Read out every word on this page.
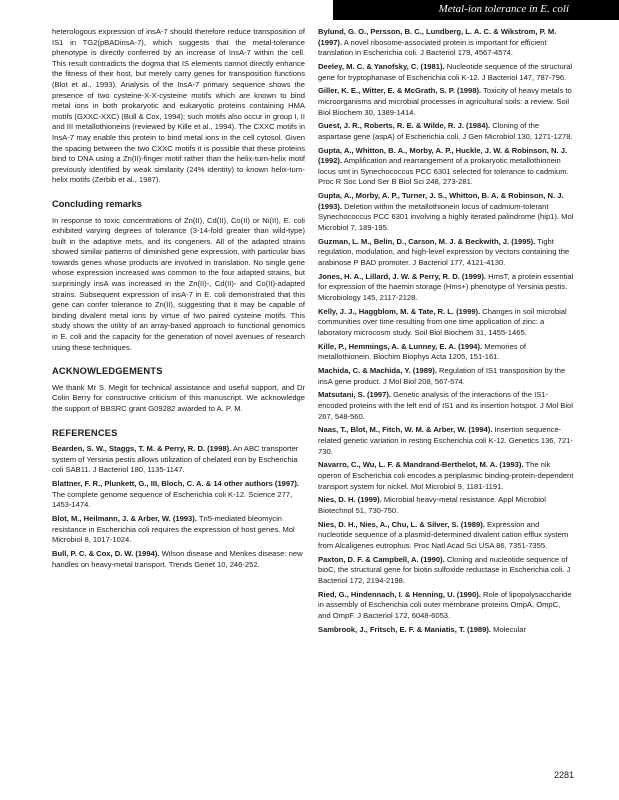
Metal-ion tolerance in E. coli

heterologous expression of insA-7 should therefore reduce transposition of IS1 in TG2(pBADinsA-7), which suggests that the metal-tolerance phenotype is directly conferred by an increase of InsA-7 within the cell. This result contradicts the dogma that IS elements cannot directly enhance the fitness of their host, but merely carry genes for transposition functions (Blot et al., 1993). Analysis of the InsA-7 primary sequence shows the presence of two cysteine-X-X-cysteine motifs which are known to bind metal ions in both prokaryotic and eukaryotic proteins containing HMA motifs (GXXC-XXC) (Bull & Cox, 1994); such motifs also occur in group I, II and III metallothioneins (reviewed by Kille et al., 1994). The CXXC motifs in InsA-7 may enable this protein to bind metal ions in the cell cytosol. Given the spacing between the two CXXC motifs it is possible that these proteins bind to DNA using a Zn(II)-finger motif rather than the helix-turn-helix motif previously identified by weak similarity (24% identity) to known helix-turn-helix motifs (Zerbib et al., 1987).

Concluding remarks

In response to toxic concentrations of Zn(II), Cd(II), Co(II) or Ni(II), E. coli exhibited varying degrees of tolerance (3-14-fold greater than wild-type) built in the adaptive mets, and its congeners. All of the adapted strains showed similar patterns of diminished gene expression, with particular bias towards genes whose products are involved in translation. No single gene whose expression increased was common to the four adapted strains, but surprisingly insA was increased in the Zn(II)-, Cd(II)- and Co(II)-adapted strains. Subsequent expression of insA-7 in E. coli demonstrated that this gene can confer tolerance to Zn(II), suggesting that it may be capable of binding divalent metal ions by virtue of two paired cysteine motifs. This study shows the utility of an array-based approach to functional genomics in E. coli and the capacity for the generation of novel avenues of research using these techniques.

ACKNOWLEDGEMENTS

We thank Mr S. Megit for technical assistance and useful support, and Dr Colin Berry for constructive criticism of this manuscript. We acknowledge the support of BBSRC grant G09282 awarded to A. P. M.

REFERENCES

Bearden, S. W., Staggs, T. M. & Perry, R. D. (1998). An ABC transporter system of Yersinia pestis allows utilization of chelated iron by Escherichia coli SAB11. J Bacteriol 180, 1135-1147.

Blattner, F. R., Plunkett, G., III, Bloch, C. A. & 14 other authors (1997). The complete genome sequence of Escherichia coli K-12. Science 277, 1453-1474.

Blot, M., Heilmann, J. & Arber, W. (1993). Tn5-mediated bleomycin resistance in Escherichia coli requires the expression of host genes. Mol Microbiol 8, 1017-1024.

Bull, P. C. & Cox, D. W. (1994). Wilson disease and Menkes disease: new handles on heavy-metal transport. Trends Genet 10, 246-252.

Bylund, G. O., Persson, B. C., Lundberg, L. A. C. & Wikstrom, P. M. (1997). A novel ribosome-associated protein is important for efficient translation in Escherichia coli. J Bacteriol 179, 4567-4574.

Deeley, M. C. & Yanofsky, C. (1981). Nucleotide sequence of the structural gene for tryptophanase of Escherichia coli K-12. J Bacteriol 147, 787-796.

Giller, K. E., Witter, E. & McGrath, S. P. (1998). Toxicity of heavy metals to microorganisms and microbial processes in agricultural soils: a review. Soil Biol Biochem 30, 1389-1414.

Guest, J. R., Roberts, R. E. & Wilde, R. J. (1984). Cloning of the aspartase gene (aspA) of Escherichia coli. J Gen Microbiol 130, 1271-1278.

Gupta, A., Whitton, B. A., Morby, A. P., Huckle, J. W. & Robinson, N. J. (1992). Amplification and rearrangement of a prokaryotic metallothionein locus smt in Synechococcus PCC 6301 selected for tolerance to cadmium. Proc R Soc Lond Ser B Biol Sci 248, 273-281.

Gupta, A., Morby, A. P., Turner, J. S., Whitton, B. A. & Robinson, N. J. (1993). Deletion within the metallothionein locus of cadmium-tolerant Synechococcus PCC 6301 involving a highly iterated palindrome (hip1). Mol Microbiol 7, 189-195.

Guzman, L. M., Belin, D., Carson, M. J. & Beckwith, J. (1995). Tight regulation, modulation, and high-level expression by vectors containing the arabinose P BAD promoter. J Bacteriol 177, 4121-4130.

Jones, H. A., Lillard, J. W. & Perry, R. D. (1999). HmsT, a protein essential for expression of the haemin storage (Hms+) phenotype of Yersinia pestis. Microbiology 145, 2117-2128.

Kelly, J. J., Haggblom, M. & Tate, R. L. (1999). Changes in soil microbial communities over time resulting from one time application of zinc: a laboratory microcosm study. Soil Biol Biochem 31, 1455-1465.

Kille, P., Hemmings, A. & Lunney, E. A. (1994). Memories of metallothionein. Biochim Biophys Acta 1205, 151-161.

Machida, C. & Machida, Y. (1989). Regulation of IS1 transposition by the insA gene product. J Mol Biol 208, 567-574.

Matsutani, S. (1997). Genetic analysis of the interactions of the IS1-encoded proteins with the left end of IS1 and its insertion hotspot. J Mol Biol 267, 548-560.

Naas, T., Blot, M., Fitch, W. M. & Arber, W. (1994). Insertion sequence-related genetic variation in resting Escherichia coli K-12. Genetics 136, 721-730.

Navarro, C., Wu, L. F. & Mandrand-Berthelot, M. A. (1993). The nik operon of Escherichia coli encodes a periplasmic binding-protein-dependent transport system for nickel. Mol Microbiol 9, 1181-1191.

Nies, D. H. (1999). Microbial heavy-metal resistance. Appl Microbiol Biotechnol 51, 730-750.

Nies, D. H., Nies, A., Chu, L. & Silver, S. (1989). Expression and nucleotide sequence of a plasmid-determined divalent cation efflux system from Alcaligenes eutrophus. Proc Natl Acad Sci USA 86, 7351-7355.

Paxton, D. F. & Campbell, A. (1990). Cloning and nucleotide sequence of bioC, the structural gene for biotin sulfoxide reductase in Escherichia coli. J Bacteriol 172, 2194-2198.

Ried, G., Hindennach, I. & Henning, U. (1990). Role of lipopolysaccharide in assembly of Escherichia coli outer membrane proteins OmpA, OmpC, and OmpF. J Bacteriol 172, 6048-6053.

Sambrook, J., Fritsch, E. F. & Maniatis, T. (1989). Molecular

2281
